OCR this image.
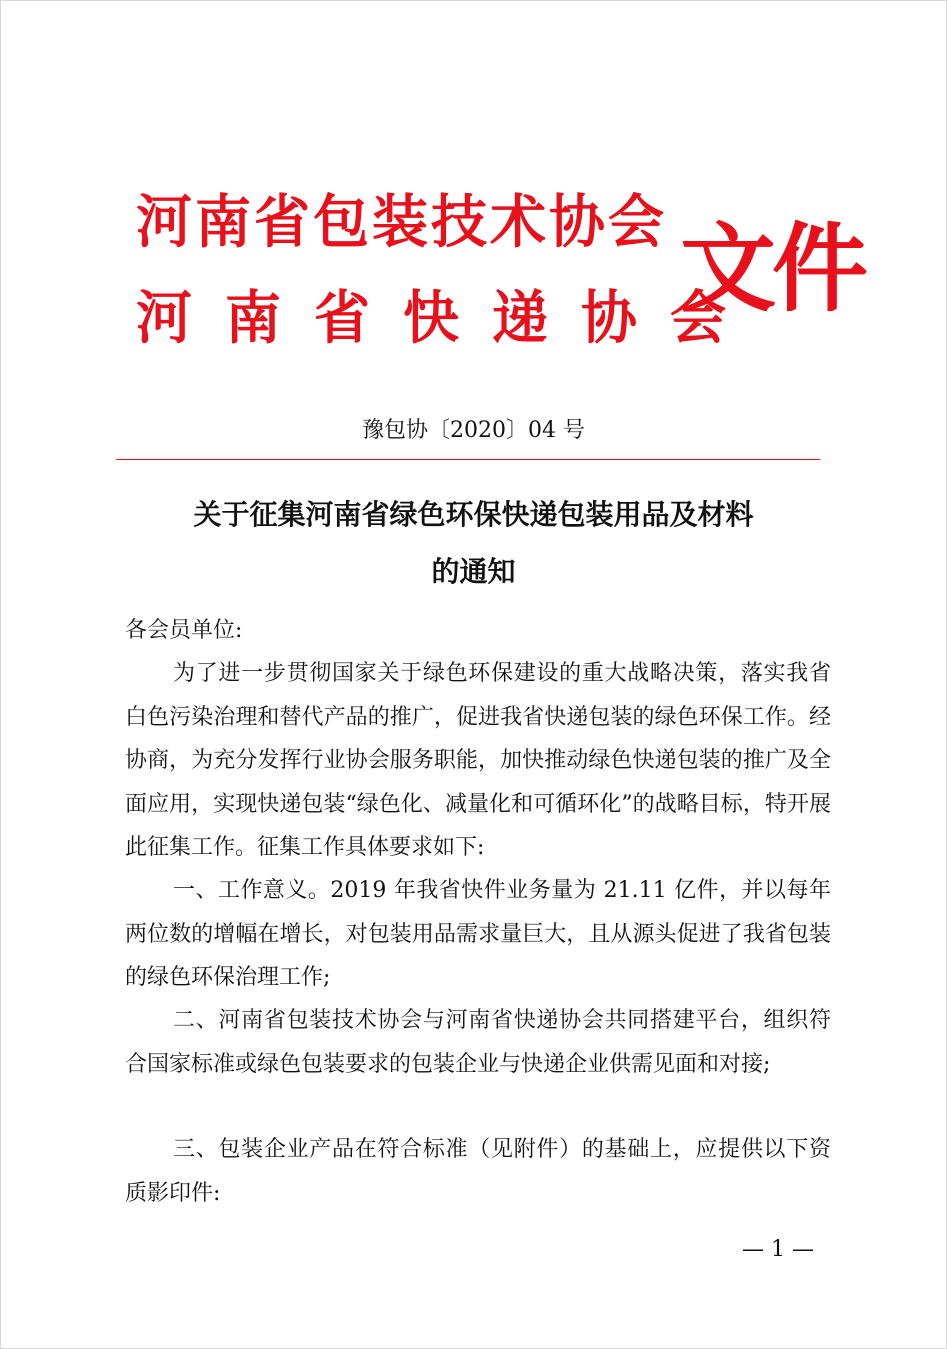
河南省包装技术协会
河南省快递协会
文件
豫包协〔2020〕04 号
关于征集河南省绿色环保快递包装用品及材料
的通知
各会员单位:

为了进一步贯彻国家关于绿色环保建设的重大战略决策，落实我省白色污染治理和替代产品的推广，促进我省快递包装的绿色环保工作。经协商，为充分发挥行业协会服务职能，加快推动绿色快递包装的推广及全面应用，实现快递包装“绿色化、减量化和可循环化”的战略目标，特开展此征集工作。征集工作具体要求如下:

一、工作意义。2019 年我省快件业务量为 21.11 亿件，并以每年两位数的增幅在增长，对包装用品需求量巨大，且从源头促进了我省包装的绿色环保治理工作;

二、河南省包装技术协会与河南省快递协会共同搭建平台，组织符合国家标准或绿色包装要求的包装企业与快递企业供需见面和对接;

三、包装企业产品在符合标准（见附件）的基础上，应提供以下资质影印件:

— 1 —
